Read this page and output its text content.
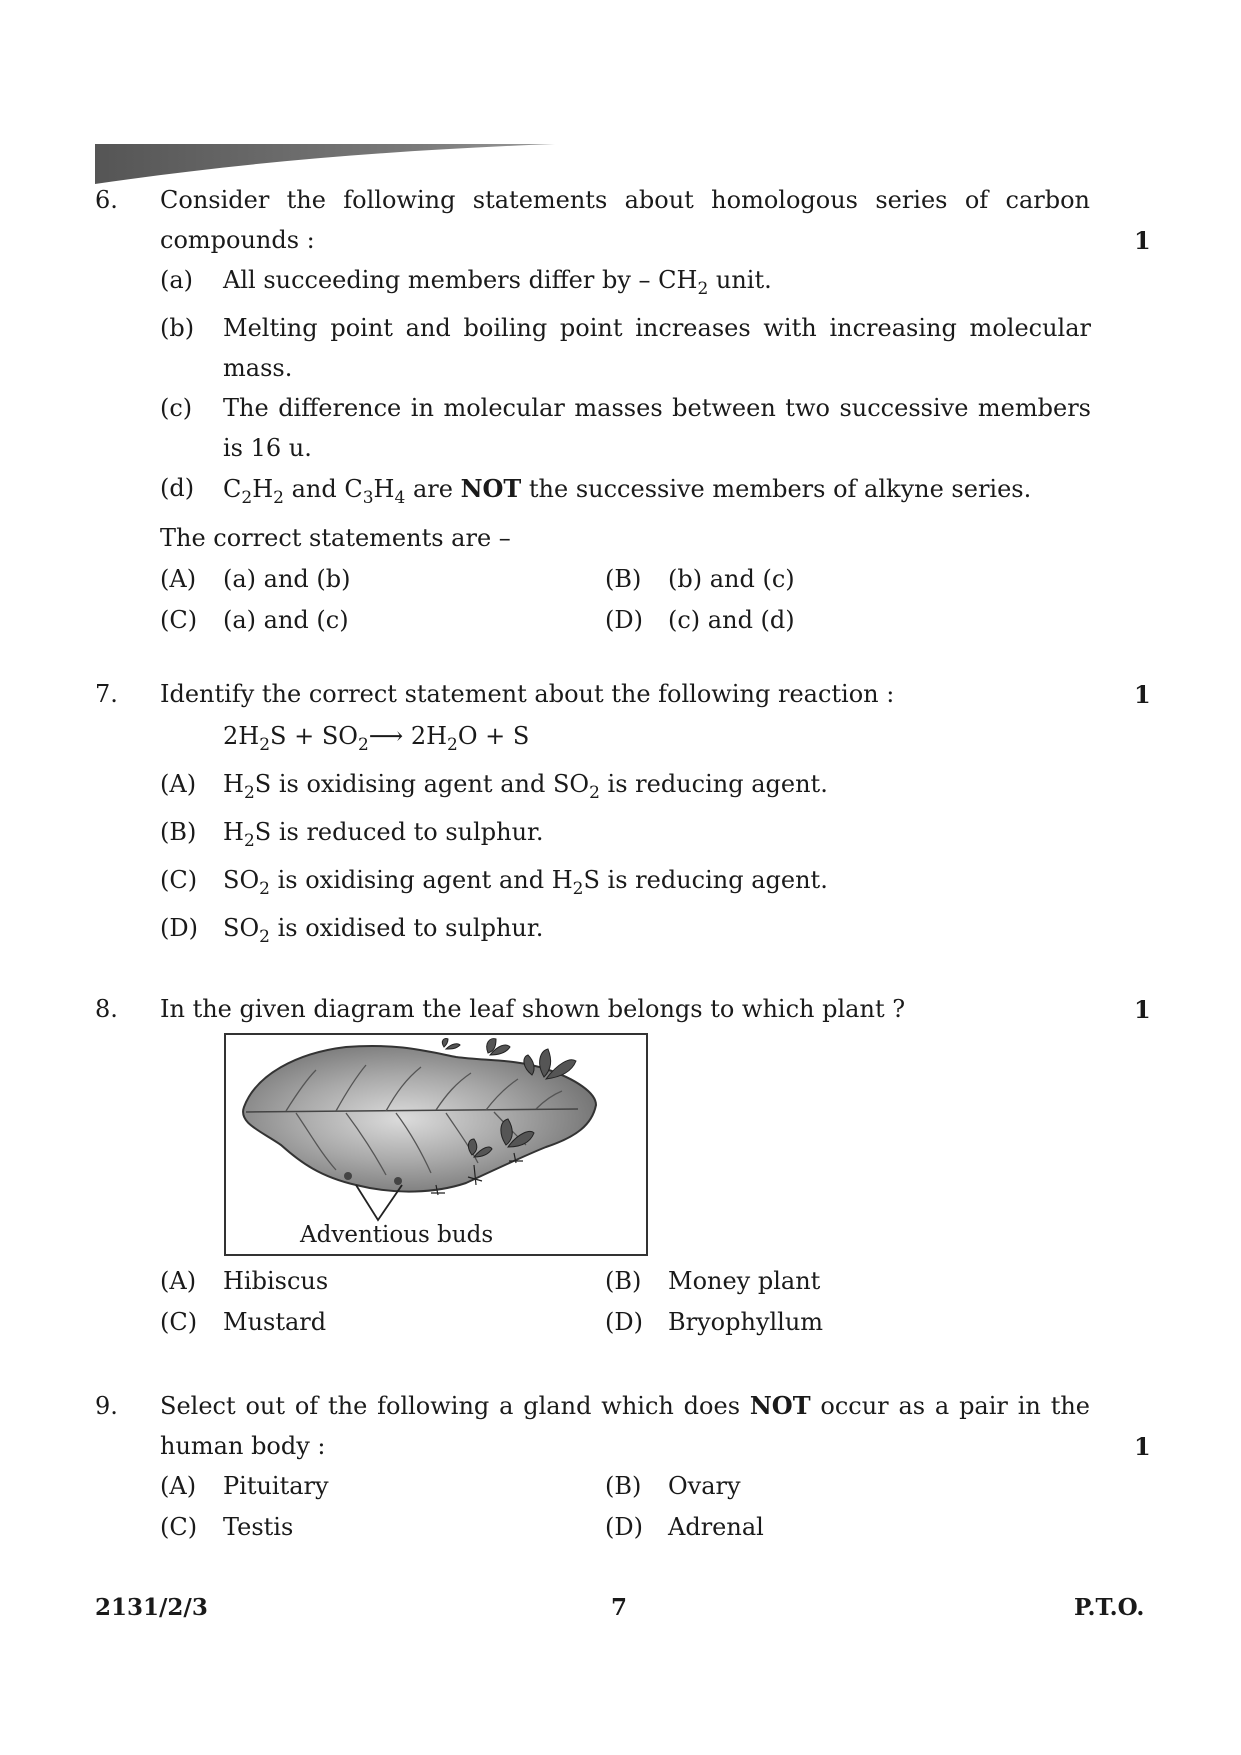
6. Consider the following statements about homologous series of carbon
compounds :	1
(a) All succeeding members differ by – $CH_2$ unit.
(b) Melting point and boiling point increases with increasing molecular
mass.
(c) The difference in molecular masses between two successive members
is 16 u.
(d) $C_2H_2$ and $C_3H_4$ are NOT the successive members of alkyne series.
The correct statements are –
(A) (a) and (b)	(B) (b) and (c)
(C) (a) and (c)	(D) (c) and (d)
7. Identify the correct statement about the following reaction :	1
$2H_2S$ + $SO_2⟶$ $2H_2O + S$
(A) $H_2S$ is oxidising agent and $SO_2$ is reducing agent.
(B) $H_2S$ is reduced to sulphur.
(C) $SO_2$ is oxidising agent and $H_2S$ is reducing agent.
(D) $SO_2$ is oxidised to sulphur.
8. In the given diagram the leaf shown belongs to which plant ?	1
Adventious buds
(A) Hibiscus	(B) Money plant
(C) Mustard	(D) Bryophyllum
9. Select out of the following a gland which does NOT occur as a pair in the
human body :	1
(A) Pituitary	(B) Ovary
(C) Testis	(D) Adrenal
2131/2/3	7	P.T.O.
